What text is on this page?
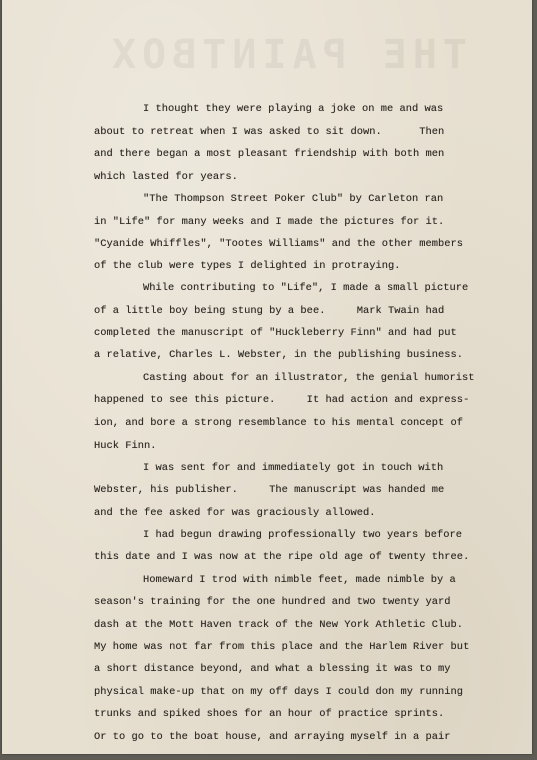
THE PAINTBOX
I thought they were playing a joke on me and was
about to retreat when I was asked to sit down.      Then
and there began a most pleasant friendship with both men
which lasted for years.
"The Thompson Street Poker Club" by Carleton ran
in "Life" for many weeks and I made the pictures for it.
"Cyanide Whiffles", "Tootes Williams" and the other members
of the club were types I delighted in protraying.
While contributing to "Life", I made a small picture
of a little boy being stung by a bee.     Mark Twain had
completed the manuscript of "Huckleberry Finn" and had put
a relative, Charles L. Webster, in the publishing business.
Casting about for an illustrator, the genial humorist
happened to see this picture.     It had action and express-
ion, and bore a strong resemblance to his mental concept of
Huck Finn.
I was sent for and immediately got in touch with
Webster, his publisher.     The manuscript was handed me
and the fee asked for was graciously allowed.
I had begun drawing professionally two years before
this date and I was now at the ripe old age of twenty three.
Homeward I trod with nimble feet, made nimble by a
season's training for the one hundred and two twenty yard
dash at the Mott Haven track of the New York Athletic Club.
My home was not far from this place and the Harlem River but
a short distance beyond, and what a blessing it was to my
physical make-up that on my off days I could don my running
trunks and spiked shoes for an hour of practice sprints.
Or to go to the boat house, and arraying myself in a pair
